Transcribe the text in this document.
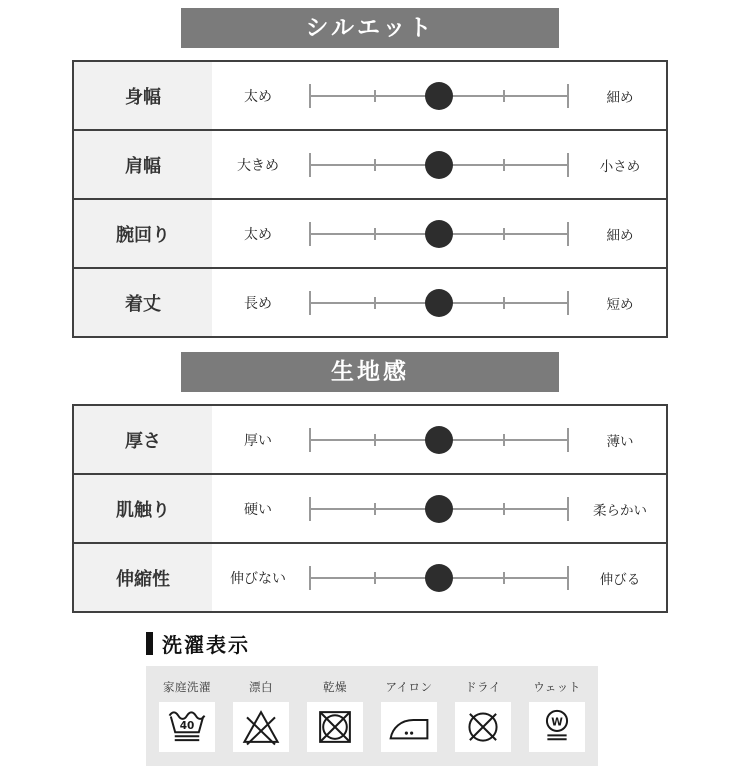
シルエット
身幅	太め	細め
肩幅	大きめ	小さめ
腕回り	太め	細め
着丈	長め	短め
生地感
厚さ	厚い	薄い
肌触り	硬い	柔らかい
伸縮性	伸びない	伸びる
洗濯表示
家庭洗濯
40
漂白	乾燥	アイロン	ドライ	ウェット
W
